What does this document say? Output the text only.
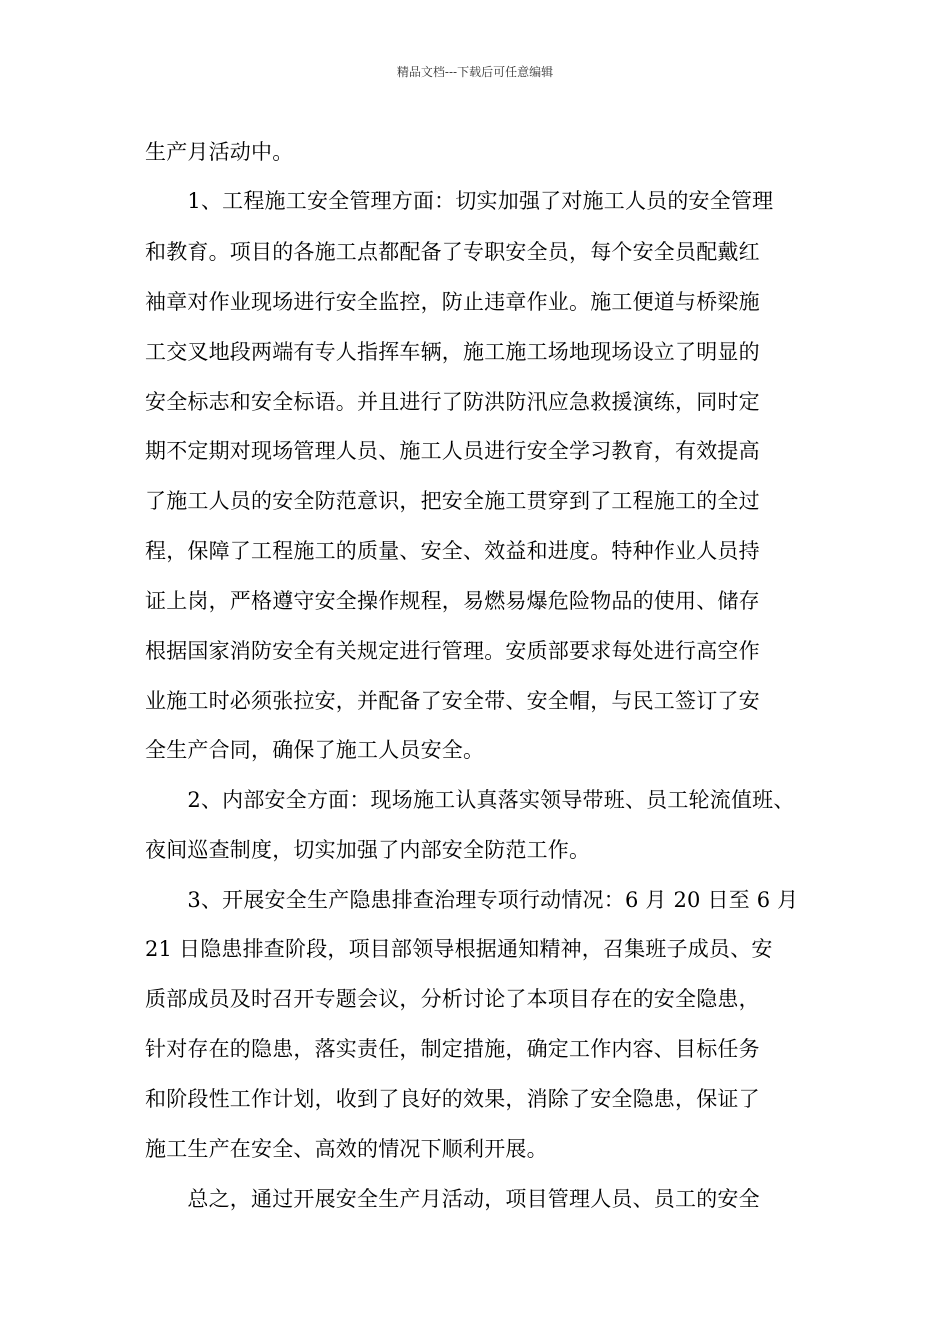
精品文档---下载后可任意编辑
生产月活动中。
　　1、工程施工安全管理方面：切实加强了对施工人员的安全管理
和教育。项目的各施工点都配备了专职安全员，每个安全员配戴红
袖章对作业现场进行安全监控，防止违章作业。施工便道与桥梁施
工交叉地段两端有专人指挥车辆，施工施工场地现场设立了明显的
安全标志和安全标语。并且进行了防洪防汛应急救援演练，同时定
期不定期对现场管理人员、施工人员进行安全学习教育，有效提高
了施工人员的安全防范意识，把安全施工贯穿到了工程施工的全过
程，保障了工程施工的质量、安全、效益和进度。特种作业人员持
证上岗，严格遵守安全操作规程，易燃易爆危险物品的使用、储存
根据国家消防安全有关规定进行管理。安质部要求每处进行高空作
业施工时必须张拉安，并配备了安全带、安全帽，与民工签订了安
全生产合同，确保了施工人员安全。
　　2、内部安全方面：现场施工认真落实领导带班、员工轮流值班、
夜间巡查制度，切实加强了内部安全防范工作。
　　3、开展安全生产隐患排查治理专项行动情况：6 月 20 日至 6 月
21 日隐患排查阶段，项目部领导根据通知精神，召集班子成员、安
质部成员及时召开专题会议，分析讨论了本项目存在的安全隐患，
针对存在的隐患，落实责任，制定措施，确定工作内容、目标任务
和阶段性工作计划，收到了良好的效果，消除了安全隐患，保证了
施工生产在安全、高效的情况下顺利开展。
　　总之，通过开展安全生产月活动，项目管理人员、员工的安全
